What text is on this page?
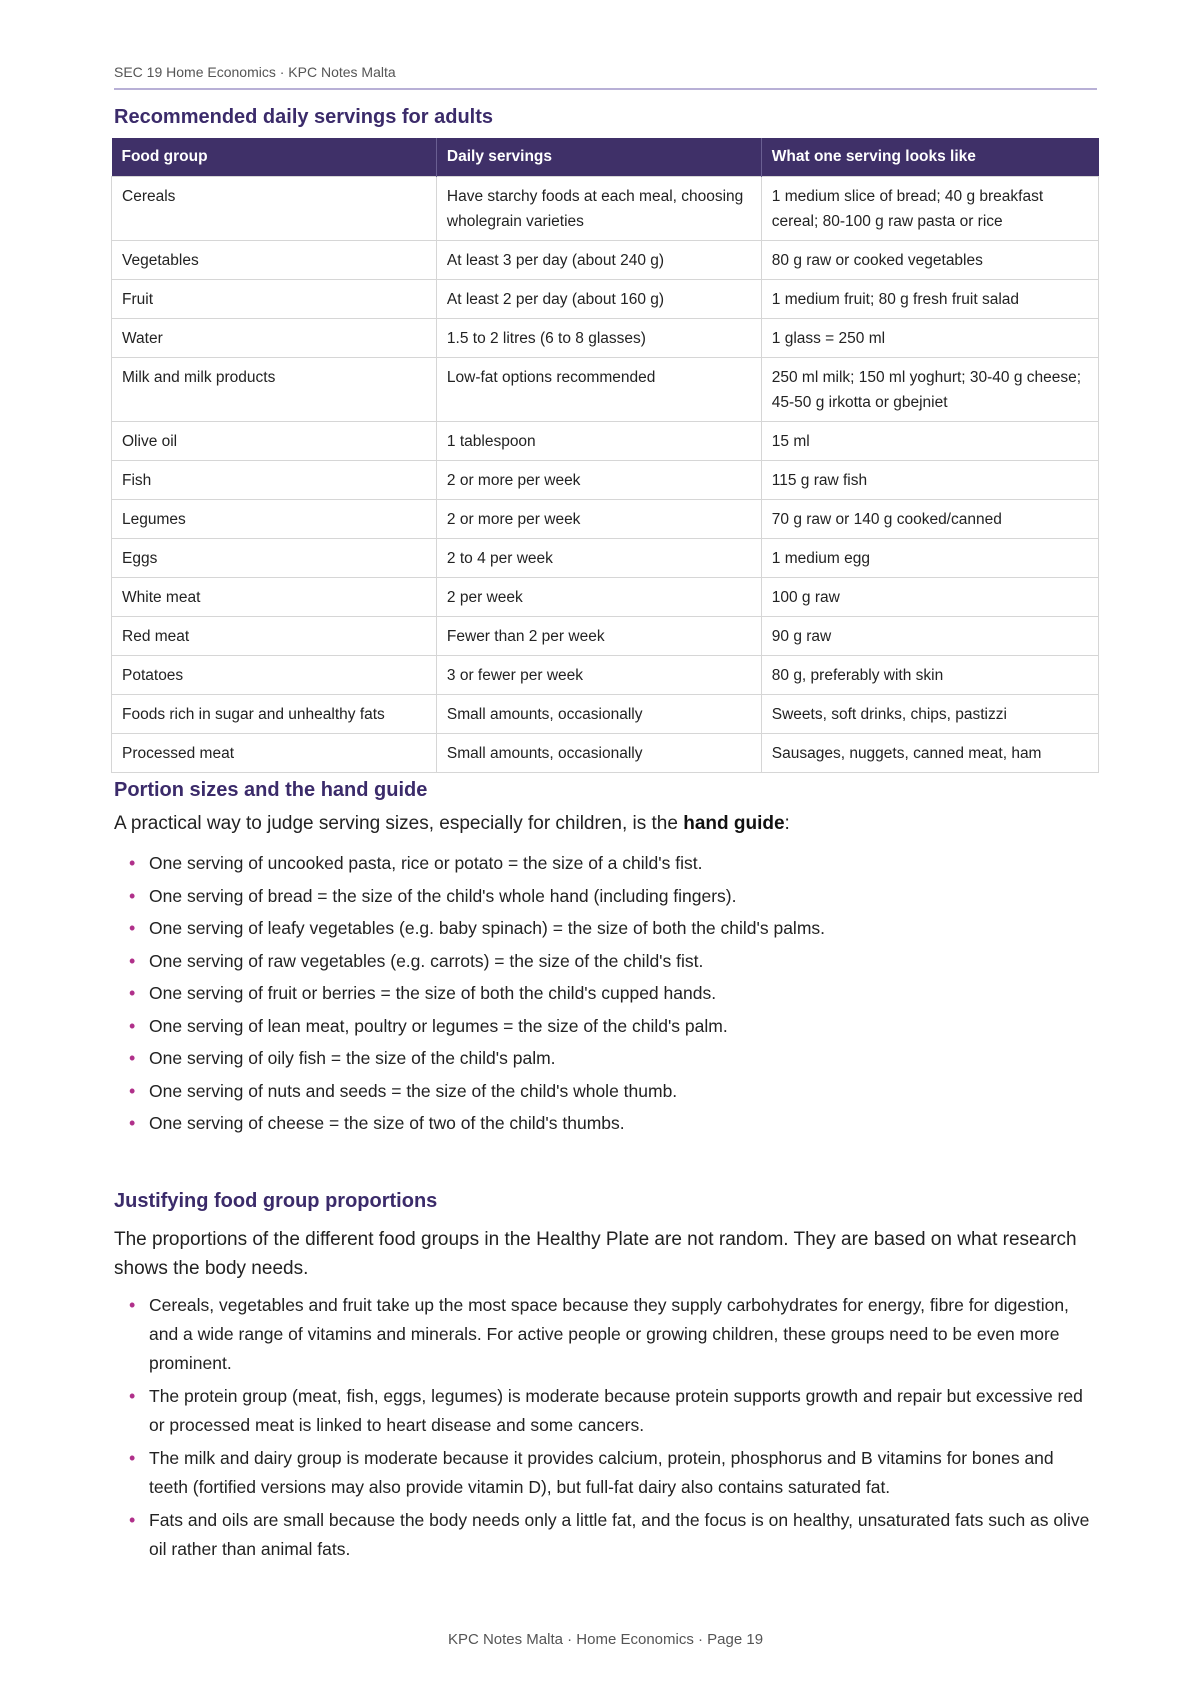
SEC 19 Home Economics · KPC Notes Malta
Recommended daily servings for adults
Food group	Daily servings	What one serving looks like
Cereals	Have starchy foods at each meal, choosing wholegrain varieties	1 medium slice of bread; 40 g breakfast cereal; 80-100 g raw pasta or rice
Vegetables	At least 3 per day (about 240 g)	80 g raw or cooked vegetables
Fruit	At least 2 per day (about 160 g)	1 medium fruit; 80 g fresh fruit salad
Water	1.5 to 2 litres (6 to 8 glasses)	1 glass = 250 ml
Milk and milk products	Low-fat options recommended	250 ml milk; 150 ml yoghurt; 30-40 g cheese; 45-50 g irkotta or gbejniet
Olive oil	1 tablespoon	15 ml
Fish	2 or more per week	115 g raw fish
Legumes	2 or more per week	70 g raw or 140 g cooked/canned
Eggs	2 to 4 per week	1 medium egg
White meat	2 per week	100 g raw
Red meat	Fewer than 2 per week	90 g raw
Potatoes	3 or fewer per week	80 g, preferably with skin
Foods rich in sugar and unhealthy fats	Small amounts, occasionally	Sweets, soft drinks, chips, pastizzi
Processed meat	Small amounts, occasionally	Sausages, nuggets, canned meat, ham
Portion sizes and the hand guide

A practical way to judge serving sizes, especially for children, is the hand guide:

• One serving of uncooked pasta, rice or potato = the size of a child's fist.
• One serving of bread = the size of the child's whole hand (including fingers).
• One serving of leafy vegetables (e.g. baby spinach) = the size of both the child's palms.
• One serving of raw vegetables (e.g. carrots) = the size of the child's fist.
• One serving of fruit or berries = the size of both the child's cupped hands.
• One serving of lean meat, poultry or legumes = the size of the child's palm.
• One serving of oily fish = the size of the child's palm.
• One serving of nuts and seeds = the size of the child's whole thumb.
• One serving of cheese = the size of two of the child's thumbs.
Justifying food group proportions

The proportions of the different food groups in the Healthy Plate are not random. They are based on what research shows the body needs.

• Cereals, vegetables and fruit take up the most space because they supply carbohydrates for energy, fibre for digestion, and a wide range of vitamins and minerals. For active people or growing children, these groups need to be even more prominent.
• The protein group (meat, fish, eggs, legumes) is moderate because protein supports growth and repair but excessive red or processed meat is linked to heart disease and some cancers.
• The milk and dairy group is moderate because it provides calcium, protein, phosphorus and B vitamins for bones and teeth (fortified versions may also provide vitamin D), but full-fat dairy also contains saturated fat.
• Fats and oils are small because the body needs only a little fat, and the focus is on healthy, unsaturated fats such as olive oil rather than animal fats.
KPC Notes Malta · Home Economics · Page 19
